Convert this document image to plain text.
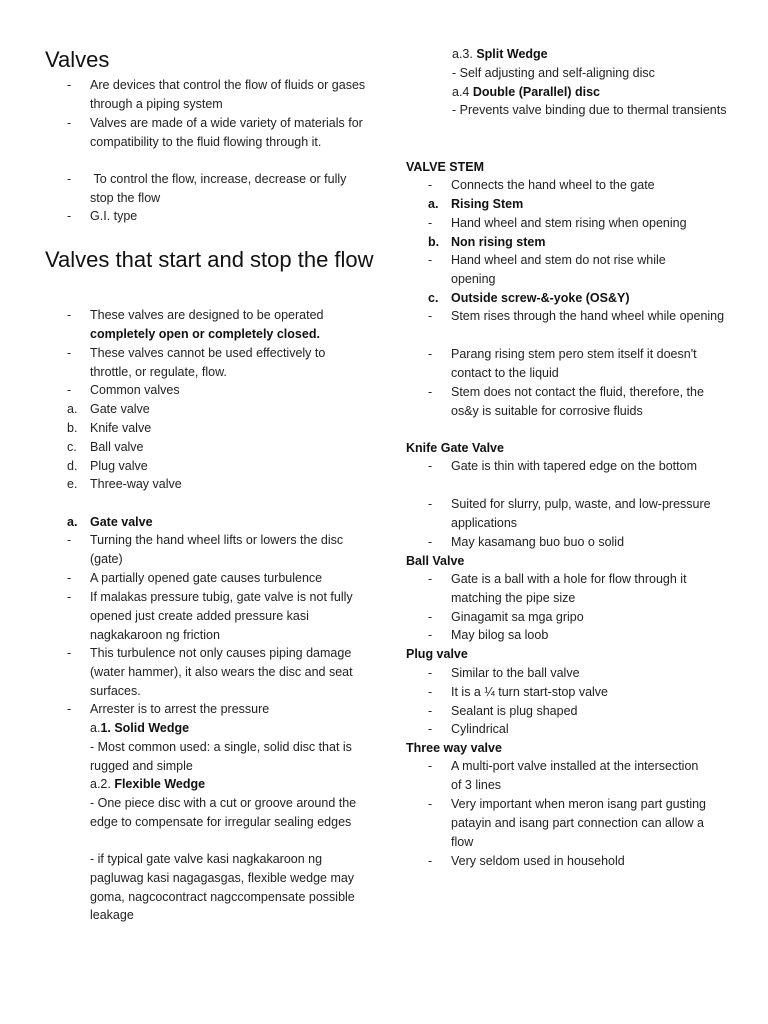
Valves
- Are devices that control the flow of fluids or gases through a piping system
- Valves are made of a wide variety of materials for compatibility to the fluid flowing through it.
- To control the flow, increase, decrease or fully stop the flow
- G.I. type
Valves that start and stop the flow
- These valves are designed to be operated completely open or completely closed.
- These valves cannot be used effectively to throttle, or regulate, flow.
- Common valves
a. Gate valve
b. Knife valve
c. Ball valve
d. Plug valve
e. Three-way valve
a. Gate valve
- Turning the hand wheel lifts or lowers the disc (gate)
- A partially opened gate causes turbulence
- If malakas pressure tubig, gate valve is not fully opened just create added pressure kasi nagkakaroon ng friction
- This turbulence not only causes piping damage (water hammer), it also wears the disc and seat surfaces.
- Arrester is to arrest the pressure
a.1. Solid Wedge
- Most common used: a single, solid disc that is rugged and simple
a.2. Flexible Wedge
- One piece disc with a cut or groove around the edge to compensate for irregular sealing edges
- if typical gate valve kasi nagkakaroon ng pagluwag kasi nagagasgas, flexible wedge may goma, nagcocontract nagccompensate possible leakage
a.3. Split Wedge
- Self adjusting and self-aligning disc
a.4 Double (Parallel) disc
- Prevents valve binding due to thermal transients
VALVE STEM
- Connects the hand wheel to the gate
a. Rising Stem
- Hand wheel and stem rising when opening
b. Non rising stem
- Hand wheel and stem do not rise while opening
c. Outside screw-&-yoke (OS&Y)
- Stem rises through the hand wheel while opening
- Parang rising stem pero stem itself it doesn't contact to the liquid
- Stem does not contact the fluid, therefore, the os&y is suitable for corrosive fluids
Knife Gate Valve
- Gate is thin with tapered edge on the bottom
- Suited for slurry, pulp, waste, and low-pressure applications
- May kasamang buo buo o solid
Ball Valve
- Gate is a ball with a hole for flow through it matching the pipe size
- Ginagamit sa mga gripo
- May bilog sa loob
Plug valve
- Similar to the ball valve
- It is a ¼ turn start-stop valve
- Sealant is plug shaped
- Cylindrical
Three way valve
- A multi-port valve installed at the intersection of 3 lines
- Very important when meron isang part gusting patayin and isang part connection can allow a flow
- Very seldom used in household
